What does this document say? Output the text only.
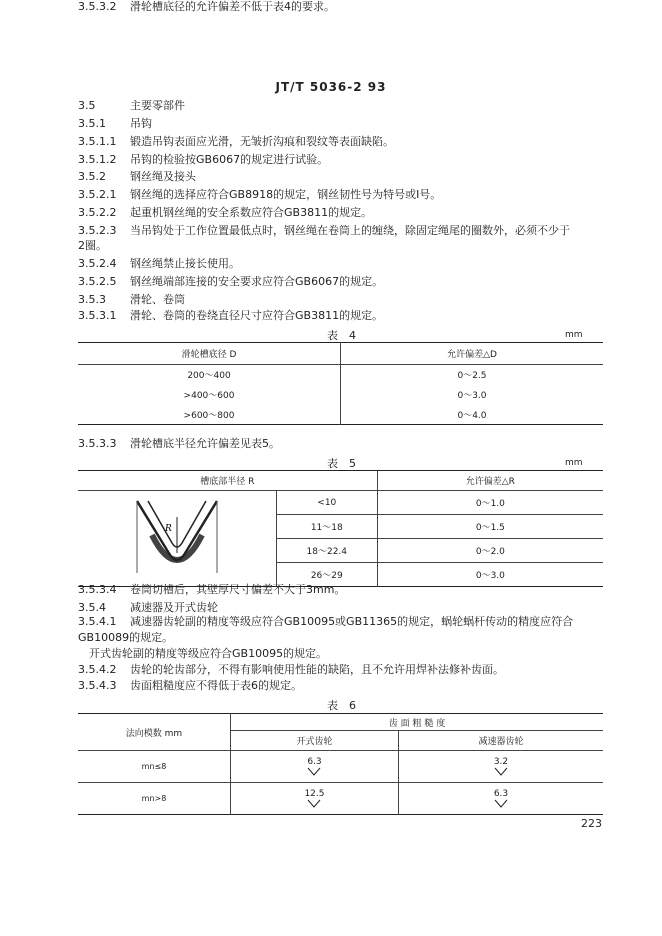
JT/T 5036-2 93
3.5	主要零部件
3.5.1 吊钩
3.5.1.1 锻造吊钩表面应光滑，无皱折沟痕和裂纹等表面缺陷。
3.5.1.2 吊钩的检验按GB6067的规定进行试验。
3.5.2 钢丝绳及接头
3.5.2.1 钢丝绳的选择应符合GB8918的规定，钢丝韧性号为特号或Ⅰ号。
3.5.2.2 起重机钢丝绳的安全系数应符合GB3811的规定。
3.5.2.3 当吊钩处于工作位置最低点时，钢丝绳在卷筒上的缠绕，除固定绳尾的圈数外，必须不少于
2圈。
3.5.2.4 钢丝绳禁止接长使用。
3.5.2.5 钢丝绳端部连接的安全要求应符合GB6067的规定。
3.5.3 滑轮、卷筒
3.5.3.1 滑轮、卷筒的卷绕直径尺寸应符合GB3811的规定。
3.5.3.2 滑轮槽底径的允许偏差不低于表4的要求。
表　4	mm
滑轮槽底径 D	允许偏差△D
200～400	0～2.5
>400～600	0～3.0
>600～800	0～4.0
3.5.3.3 滑轮槽底半径允许偏差见表5。
表　5	mm
槽底部半径 R		允许偏差△R

R	<10	0～1.0
	11～18	0～1.5
	18～22.4	0～2.0
	26～29	0～3.0
3.5.3.4 卷筒切槽后，其壁厚尺寸偏差不大于3mm。
3.5.4 减速器及开式齿轮
3.5.4.1 减速器齿轮副的精度等级应符合GB10095或GB11365的规定，蜗轮蜗杆传动的精度应符合
GB10089的规定。
　开式齿轮副的精度等级应符合GB10095的规定。
3.5.4.2 齿轮的轮齿部分，不得有影响使用性能的缺陷，且不允许用焊补法修补齿面。
3.5.4.3 齿面粗糙度应不得低于表6的规定。
表　6
法向模数 mm	齿 面 粗 糙 度	
	开式齿轮	减速器齿轮
mn≤8	6.3	3.2

mn>8	12.5	6.3
223
